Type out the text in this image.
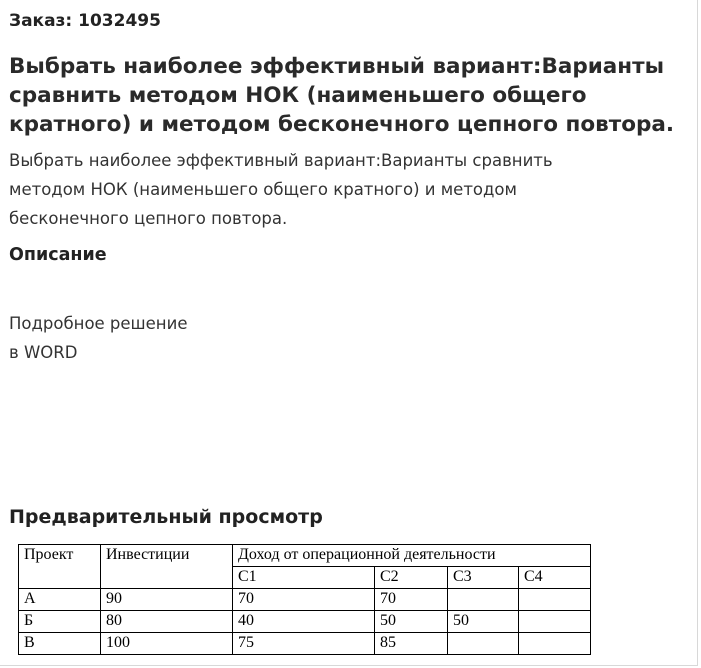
Заказ: 1032495
Выбрать наиболее эффективный вариант:Варианты сравнить методом НОК (наименьшего общего кратного) и методом бесконечного цепного повтора.
Выбрать наиболее эффективный вариант:Варианты сравнить
методом НОК (наименьшего общего кратного) и методом
бесконечного цепного повтора.
Описание
Подробное решение
в WORD
Предварительный просмотр
Проект	Инвестиции	Доход от операционной деятельности			
		С1	С2	С3	С4
А	90	70	70		
Б	80	40	50	50	
В	100	75	85		
